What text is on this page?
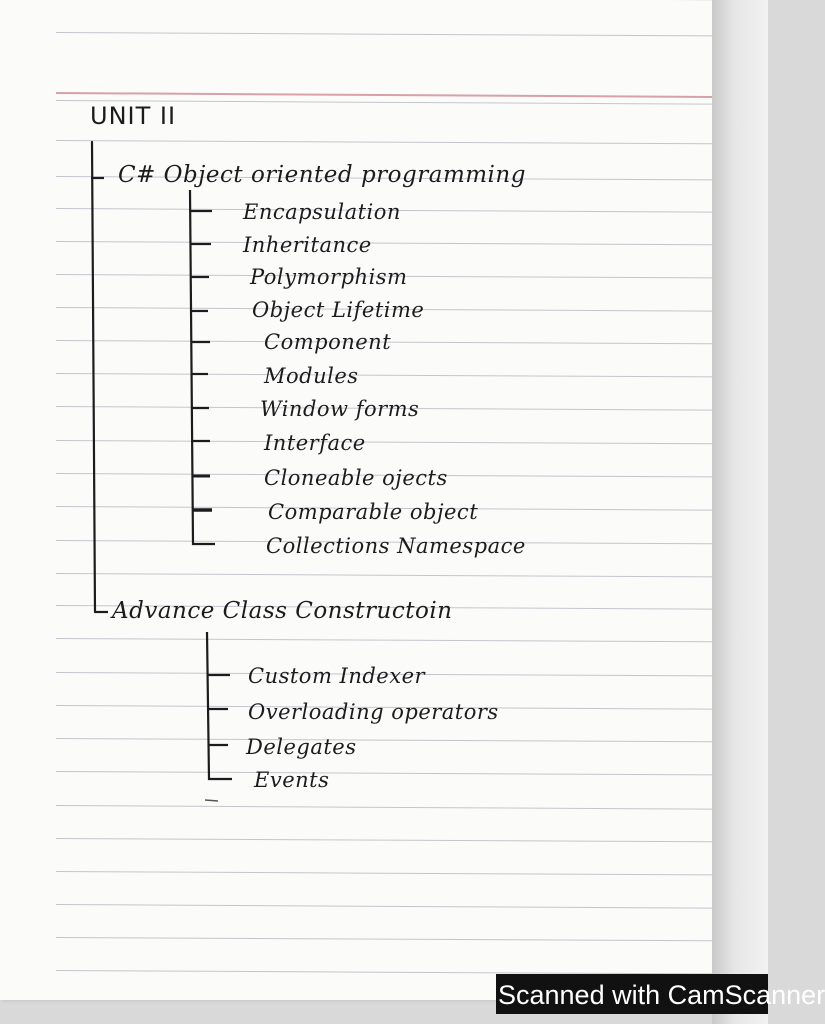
UNIT II
C# Object oriented programming
Encapsulation
Inheritance
Polymorphism
Object Lifetime
Component
Modules
Window forms
Interface
Cloneable ojects
Comparable object
Collections Namespace
Advance Class Constructoin
Custom Indexer
Overloading operators
Delegates
Events
Scanned with CamScanner
